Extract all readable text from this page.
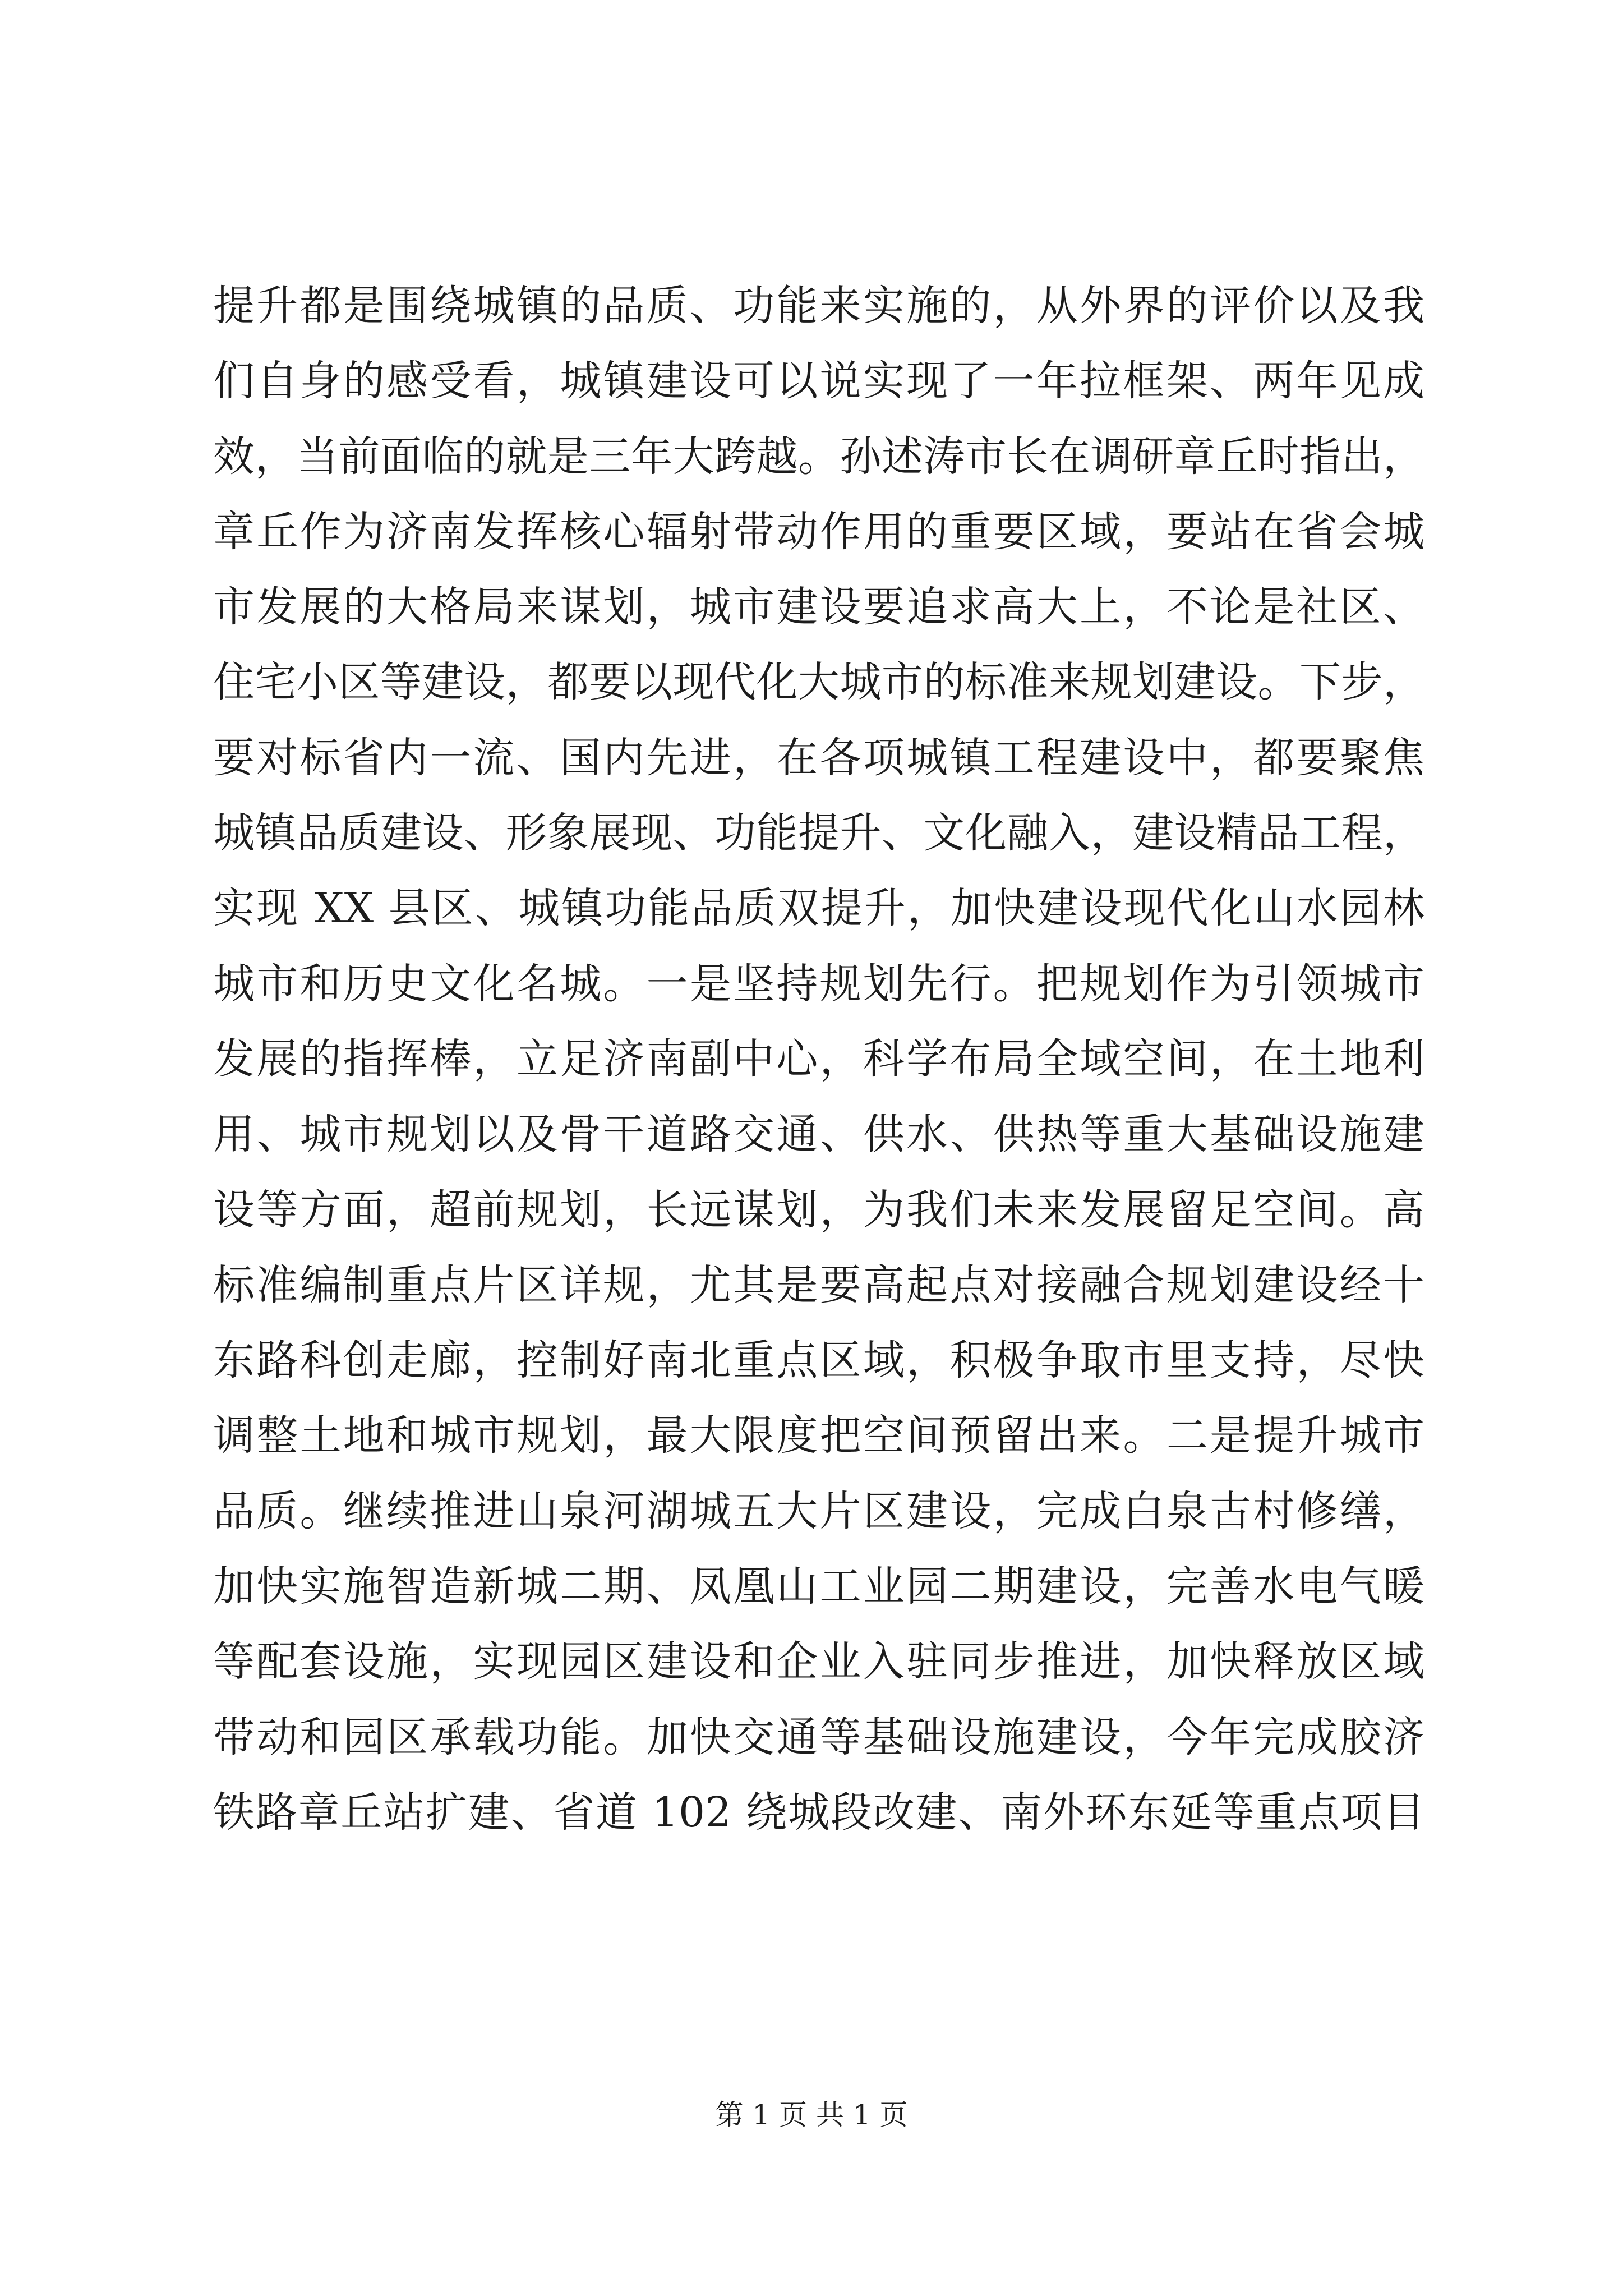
提升都是围绕城镇的品质、功能来实施的，从外界的评价以及我
们自身的感受看，城镇建设可以说实现了一年拉框架、两年见成
效，当前面临的就是三年大跨越。孙述涛市长在调研章丘时指出，
章丘作为济南发挥核心辐射带动作用的重要区域，要站在省会城
市发展的大格局来谋划，城市建设要追求高大上，不论是社区、
住宅小区等建设，都要以现代化大城市的标准来规划建设。下步，
要对标省内一流、国内先进，在各项城镇工程建设中，都要聚焦
城镇品质建设、形象展现、功能提升、文化融入，建设精品工程，
实现 XX 县区、城镇功能品质双提升，加快建设现代化山水园林
城市和历史文化名城。一是坚持规划先行。把规划作为引领城市
发展的指挥棒，立足济南副中心，科学布局全域空间，在土地利
用、城市规划以及骨干道路交通、供水、供热等重大基础设施建
设等方面，超前规划，长远谋划，为我们未来发展留足空间。高
标准编制重点片区详规，尤其是要高起点对接融合规划建设经十
东路科创走廊，控制好南北重点区域，积极争取市里支持，尽快
调整土地和城市规划，最大限度把空间预留出来。二是提升城市
品质。继续推进山泉河湖城五大片区建设，完成白泉古村修缮，
加快实施智造新城二期、凤凰山工业园二期建设，完善水电气暖
等配套设施，实现园区建设和企业入驻同步推进，加快释放区域
带动和园区承载功能。加快交通等基础设施建设，今年完成胶济
铁路章丘站扩建、省道 102 绕城段改建、南外环东延等重点项目
第 1 页 共 1 页
